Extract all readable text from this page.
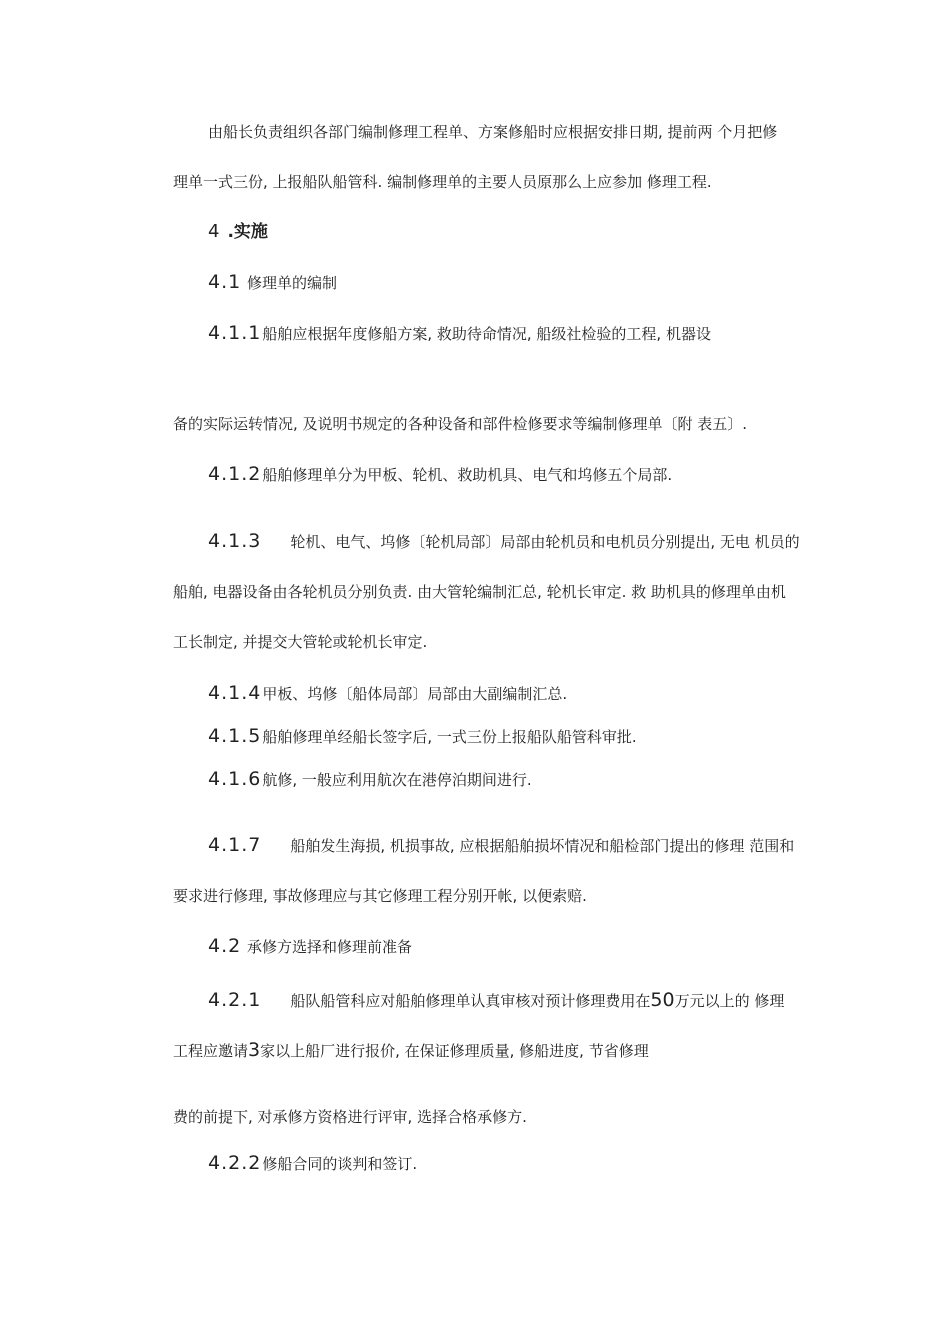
由船长负责组织各部门编制修理工程单、方案修船时应根据安排日期, 提前两 个月把修
理单一式三份, 上报船队船管科. 编制修理单的主要人员原那么上应参加 修理工程.
4 .实施
4.1 修理单的编制
4.1.1船舶应根据年度修船方案, 救助待命情况, 船级社检验的工程, 机器设
备的实际运转情况, 及说明书规定的各种设备和部件检修要求等编制修理单〔附 表五〕.
4.1.2船舶修理单分为甲板、轮机、救助机具、电气和坞修五个局部.
4.1.3 轮机、电气、坞修〔轮机局部〕局部由轮机员和电机员分别提出, 无电 机员的
船舶, 电器设备由各轮机员分别负责. 由大管轮编制汇总, 轮机长审定. 救 助机具的修理单由机
工长制定, 并提交大管轮或轮机长审定.
4.1.4甲板、坞修〔船体局部〕局部由大副编制汇总.
4.1.5船舶修理单经船长签字后, 一式三份上报船队船管科审批.
4.1.6航修, 一般应利用航次在港停泊期间进行.
4.1.7 船舶发生海损, 机损事故, 应根据船舶损坏情况和船检部门提出的修理 范围和
要求进行修理, 事故修理应与其它修理工程分别开帐, 以便索赔.
4.2 承修方选择和修理前准备
4.2.1 船队船管科应对船舶修理单认真审核对预计修理费用在50万元以上的 修理
工程应邀请3家以上船厂进行报价, 在保证修理质量, 修船进度, 节省修理
费的前提下, 对承修方资格进行评审, 选择合格承修方.
4.2.2修船合同的谈判和签订.
